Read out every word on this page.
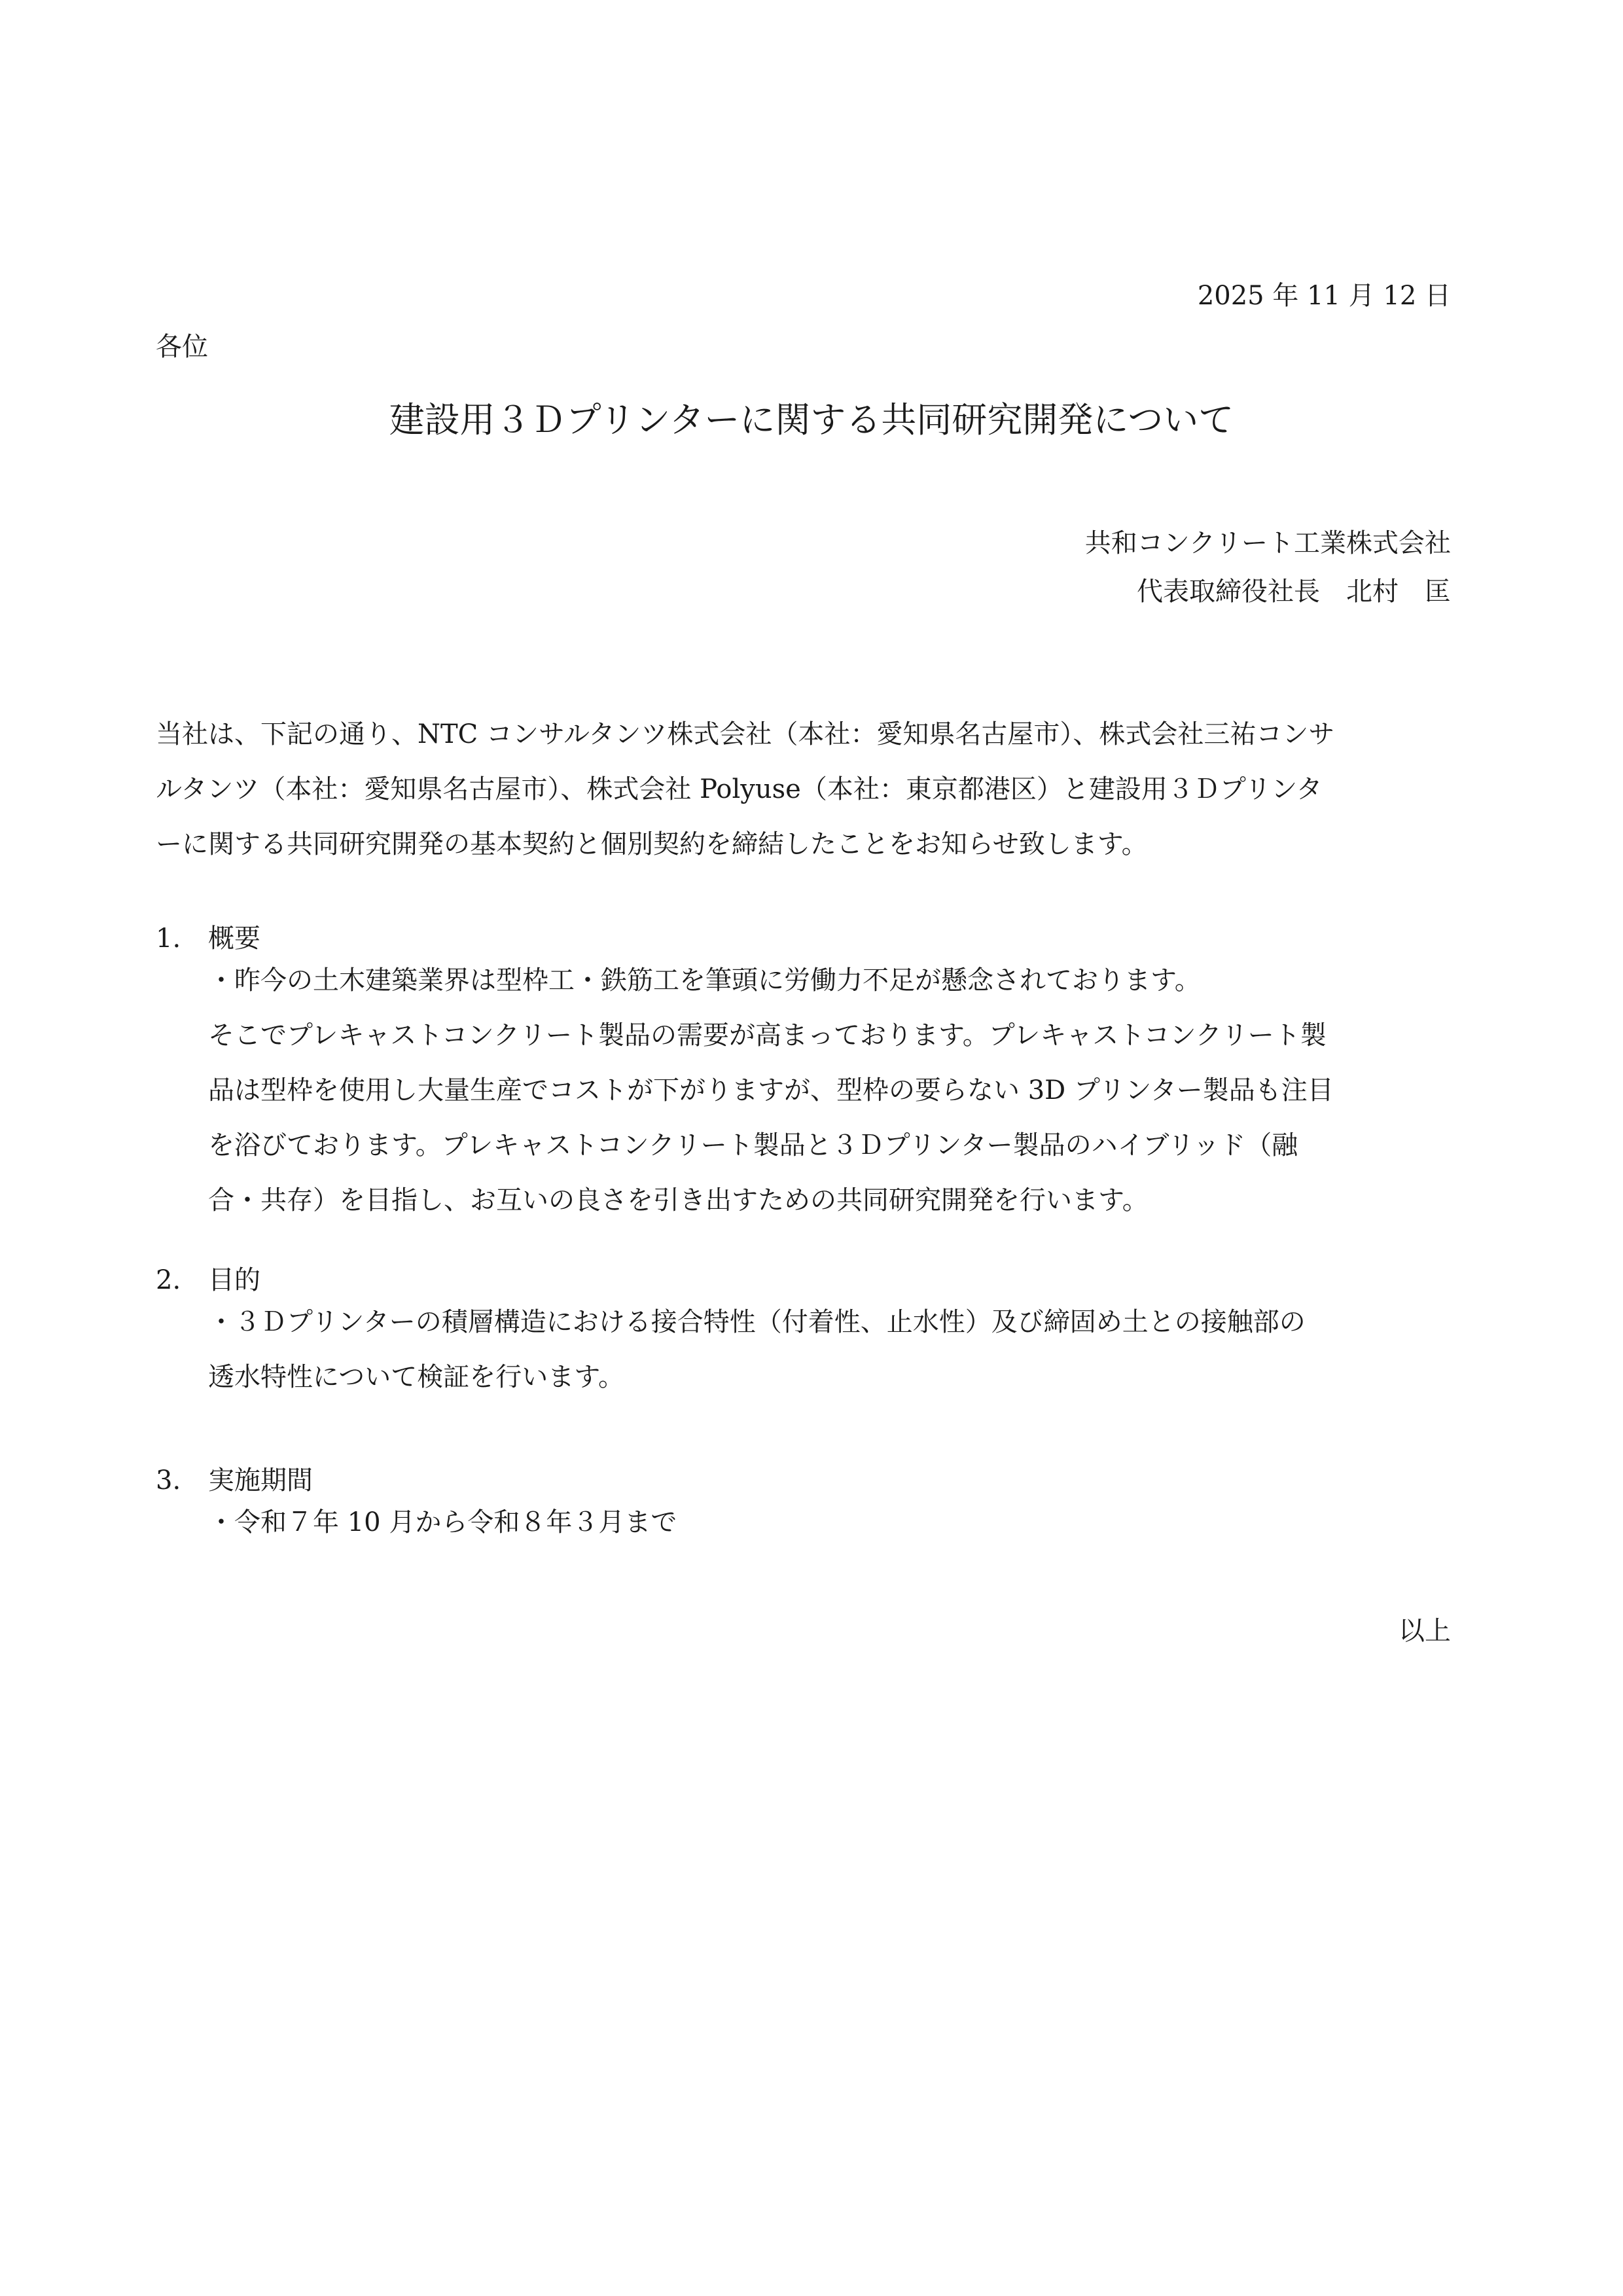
2025 年 11 月 12 日
各位
建設用３Ｄプリンターに関する共同研究開発について
共和コンクリート工業株式会社
代表取締役社長　北村　匡
当社は、下記の通り、NTC コンサルタンツ株式会社（本社：愛知県名古屋市）、株式会社三祐コンサ
ルタンツ（本社：愛知県名古屋市）、株式会社 Polyuse（本社：東京都港区）と建設用３Ｄプリンタ
ーに関する共同研究開発の基本契約と個別契約を締結したことをお知らせ致します。
1. 概要
・昨今の土木建築業界は型枠工・鉄筋工を筆頭に労働力不足が懸念されております。
そこでプレキャストコンクリート製品の需要が高まっております。プレキャストコンクリート製
品は型枠を使用し大量生産でコストが下がりますが、型枠の要らない 3D プリンター製品も注目
を浴びております。プレキャストコンクリート製品と３Ｄプリンター製品のハイブリッド（融
合・共存）を目指し、お互いの良さを引き出すための共同研究開発を行います。
2. 目的
・３Ｄプリンターの積層構造における接合特性（付着性、止水性）及び締固め土との接触部の
透水特性について検証を行います。
3. 実施期間
・令和７年 10 月から令和８年３月まで
以上
